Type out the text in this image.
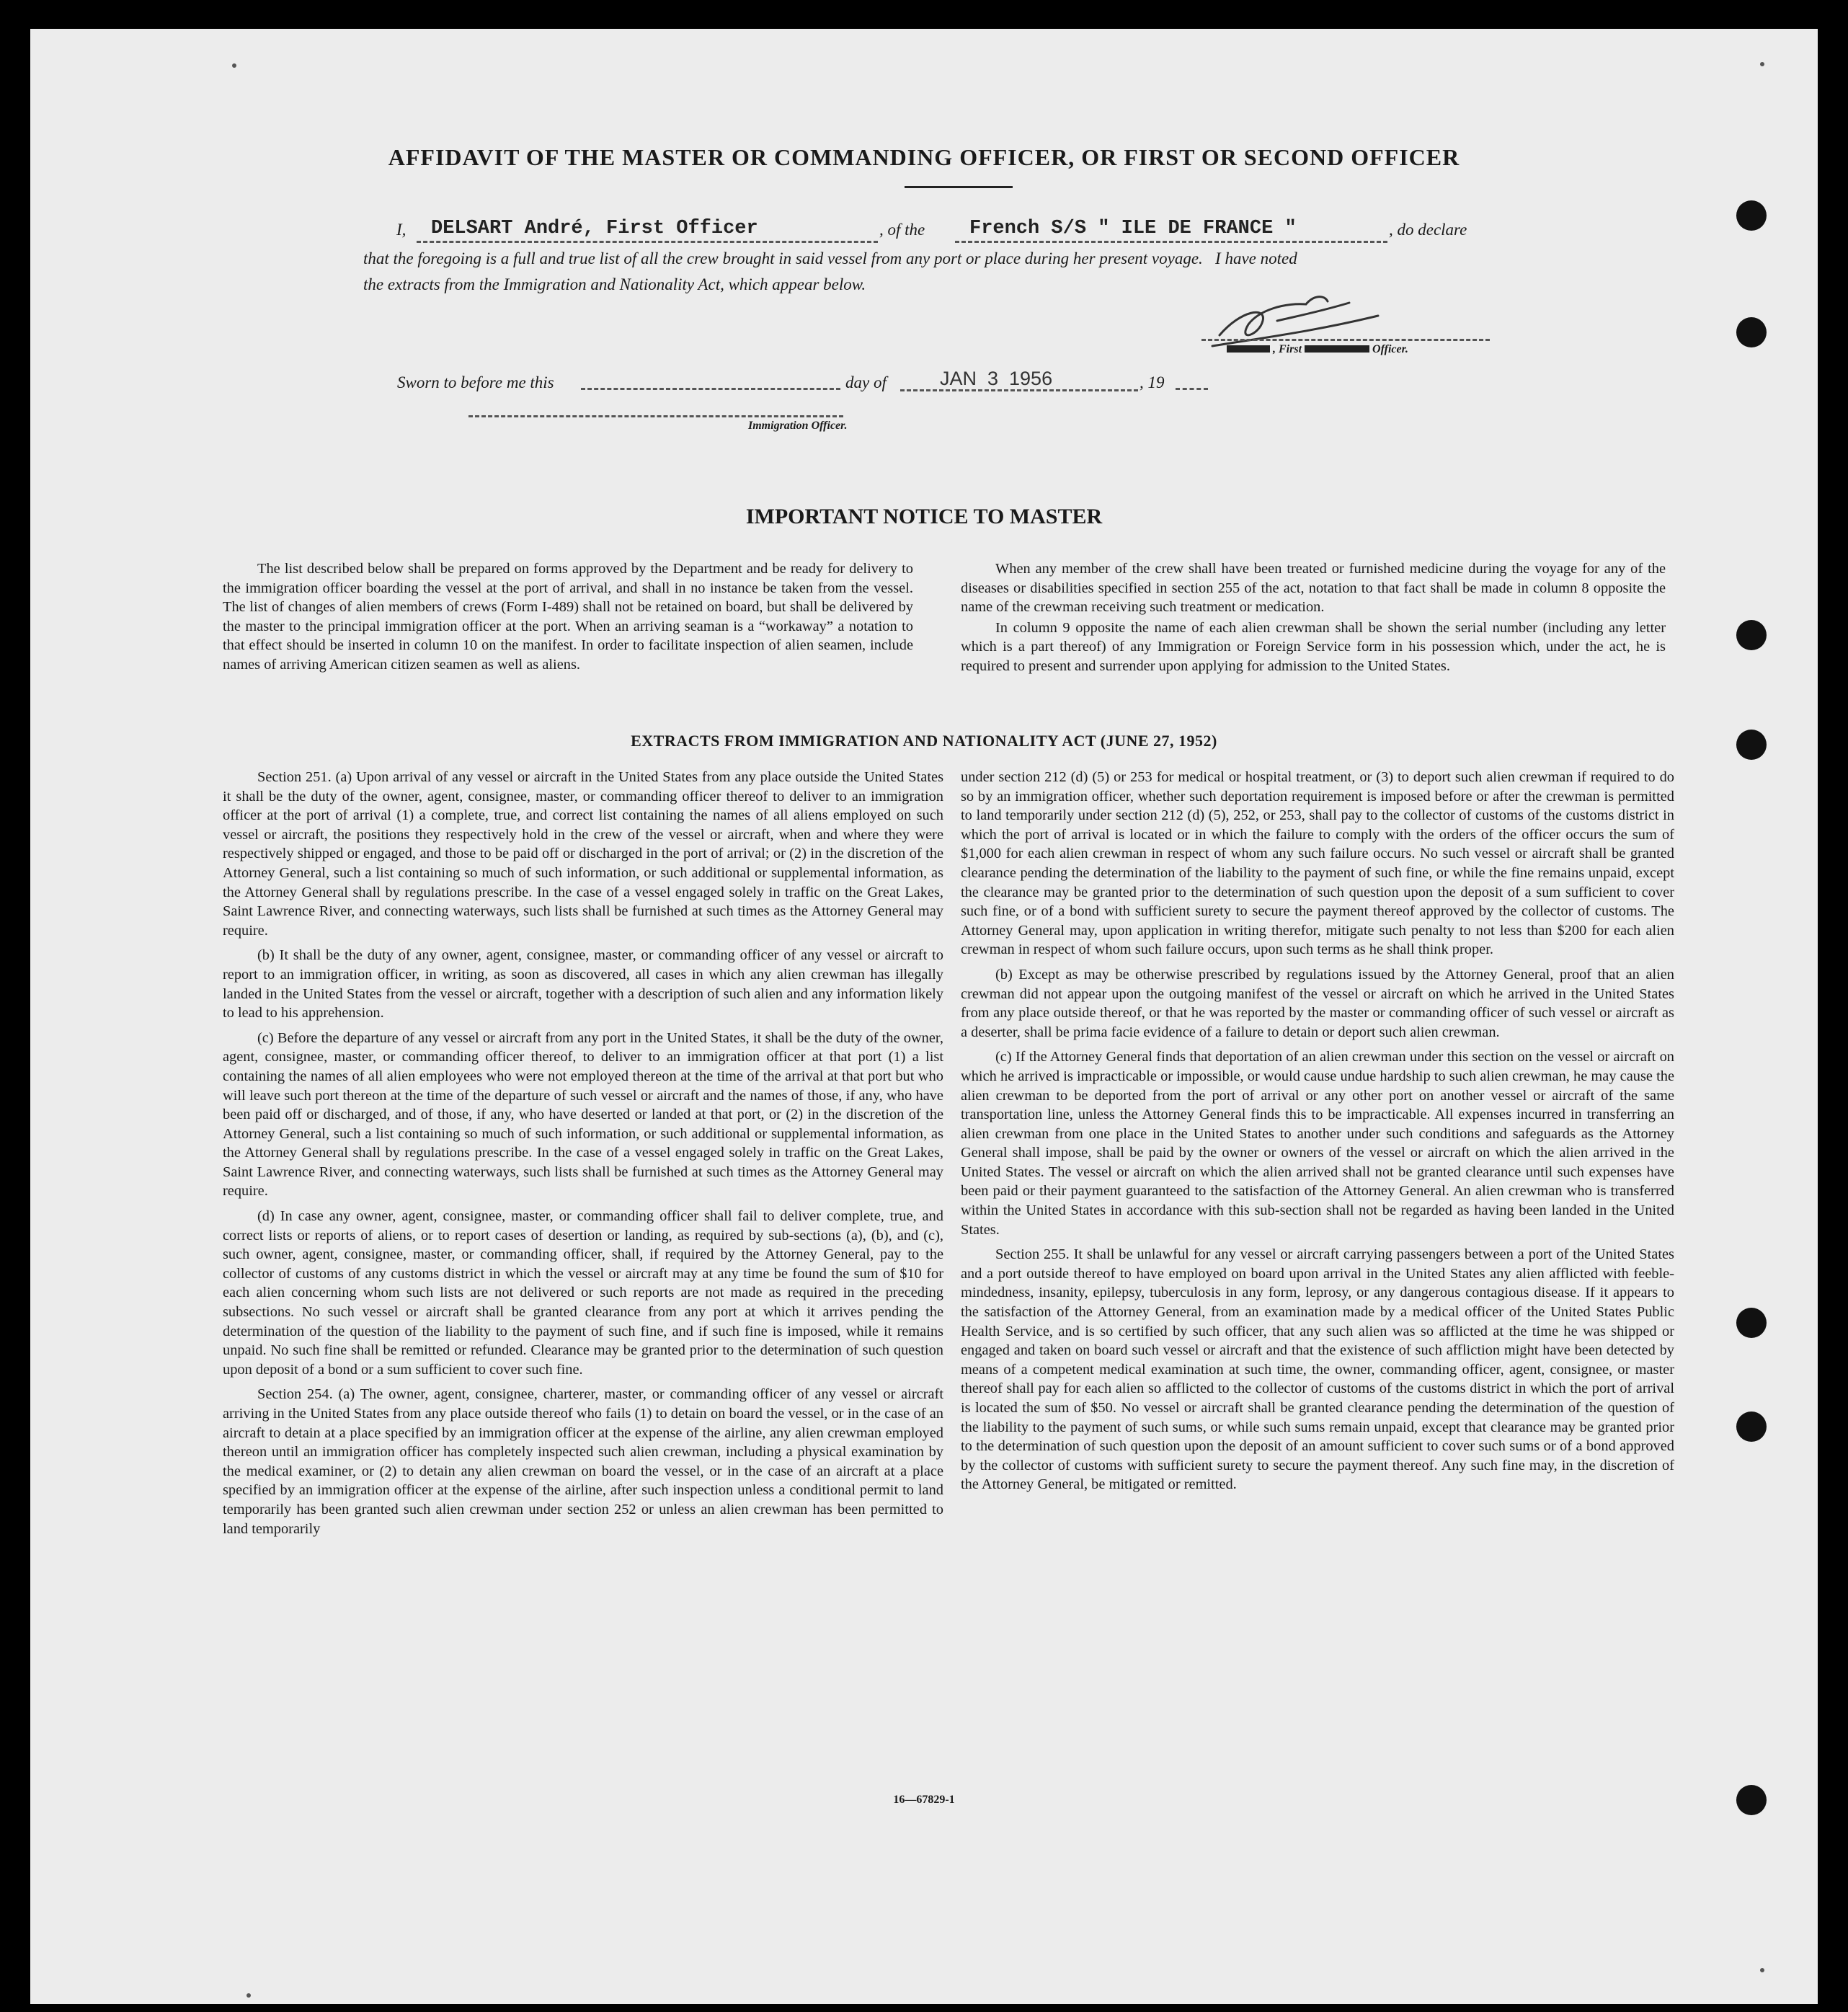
AFFIDAVIT OF THE MASTER OR COMMANDING OFFICER, OR FIRST OR SECOND OFFICER
I,	DELSART André, First Officer	, of the	French S/S " ILE DE FRANCE "	, do declare
that the foregoing is a full and true list of all the crew brought in said vessel from any port or place during her present voyage.   I have noted
the extracts from the Immigration and Nationality Act, which appear below.
, First	Officer.
Sworn to before me this	day of	JAN  3  1956	, 19
Immigration Officer.
IMPORTANT NOTICE TO MASTER

The list described below shall be prepared on forms approved by the Department and be ready for delivery to the immigration officer boarding the vessel at the port of arrival, and shall in no instance be taken from the vessel. The list of changes of alien members of crews (Form I-489) shall not be retained on board, but shall be delivered by the master to the principal immigration officer at the port. When an arriving seaman is a “workaway” a notation to that effect should be inserted in column 10 on the manifest. In order to facilitate inspection of alien seamen, include names of arriving American citizen seamen as well as aliens.

When any member of the crew shall have been treated or furnished medicine during the voyage for any of the diseases or disabilities specified in section 255 of the act, notation to that fact shall be made in column 8 opposite the name of the crewman receiving such treatment or medication.

In column 9 opposite the name of each alien crewman shall be shown the serial number (including any letter which is a part thereof) of any Immigration or Foreign Service form in his possession which, under the act, he is required to present and surrender upon applying for admission to the United States.

EXTRACTS FROM IMMIGRATION AND NATIONALITY ACT (JUNE 27, 1952)

Section 251. (a) Upon arrival of any vessel or aircraft in the United States from any place outside the United States it shall be the duty of the owner, agent, consignee, master, or commanding officer thereof to deliver to an immigration officer at the port of arrival (1) a complete, true, and correct list containing the names of all aliens employed on such vessel or aircraft, the positions they respectively hold in the crew of the vessel or aircraft, when and where they were respectively shipped or engaged, and those to be paid off or discharged in the port of arrival; or (2) in the discretion of the Attorney General, such a list containing so much of such information, or such additional or supplemental information, as the Attorney General shall by regulations prescribe. In the case of a vessel engaged solely in traffic on the Great Lakes, Saint Lawrence River, and connecting waterways, such lists shall be furnished at such times as the Attorney General may require.

(b) It shall be the duty of any owner, agent, consignee, master, or commanding officer of any vessel or aircraft to report to an immigration officer, in writing, as soon as discovered, all cases in which any alien crewman has illegally landed in the United States from the vessel or aircraft, together with a description of such alien and any information likely to lead to his apprehension.

(c) Before the departure of any vessel or aircraft from any port in the United States, it shall be the duty of the owner, agent, consignee, master, or commanding officer thereof, to deliver to an immigration officer at that port (1) a list containing the names of all alien employees who were not employed thereon at the time of the arrival at that port but who will leave such port thereon at the time of the departure of such vessel or aircraft and the names of those, if any, who have been paid off or discharged, and of those, if any, who have deserted or landed at that port, or (2) in the discretion of the Attorney General, such a list containing so much of such information, or such additional or supplemental information, as the Attorney General shall by regulations prescribe. In the case of a vessel engaged solely in traffic on the Great Lakes, Saint Lawrence River, and connecting waterways, such lists shall be furnished at such times as the Attorney General may require.

(d) In case any owner, agent, consignee, master, or commanding officer shall fail to deliver complete, true, and correct lists or reports of aliens, or to report cases of desertion or landing, as required by sub-sections (a), (b), and (c), such owner, agent, consignee, master, or commanding officer, shall, if required by the Attorney General, pay to the collector of customs of any customs district in which the vessel or aircraft may at any time be found the sum of $10 for each alien concerning whom such lists are not delivered or such reports are not made as required in the preceding subsections. No such vessel or aircraft shall be granted clearance from any port at which it arrives pending the determination of the question of the liability to the payment of such fine, and if such fine is imposed, while it remains unpaid. No such fine shall be remitted or refunded. Clearance may be granted prior to the determination of such question upon deposit of a bond or a sum sufficient to cover such fine.

Section 254. (a) The owner, agent, consignee, charterer, master, or commanding officer of any vessel or aircraft arriving in the United States from any place outside thereof who fails (1) to detain on board the vessel, or in the case of an aircraft to detain at a place specified by an immigration officer at the expense of the airline, any alien crewman employed thereon until an immigration officer has completely inspected such alien crewman, including a physical examination by the medical examiner, or (2) to detain any alien crewman on board the vessel, or in the case of an aircraft at a place specified by an immigration officer at the expense of the airline, after such inspection unless a conditional permit to land temporarily has been granted such alien crewman under section 252 or unless an alien crewman has been permitted to land temporarily

under section 212 (d) (5) or 253 for medical or hospital treatment, or (3) to deport such alien crewman if required to do so by an immigration officer, whether such deportation requirement is imposed before or after the crewman is permitted to land temporarily under section 212 (d) (5), 252, or 253, shall pay to the collector of customs of the customs district in which the port of arrival is located or in which the failure to comply with the orders of the officer occurs the sum of $1,000 for each alien crewman in respect of whom any such failure occurs. No such vessel or aircraft shall be granted clearance pending the determination of the liability to the payment of such fine, or while the fine remains unpaid, except the clearance may be granted prior to the determination of such question upon the deposit of a sum sufficient to cover such fine, or of a bond with sufficient surety to secure the payment thereof approved by the collector of customs. The Attorney General may, upon application in writing therefor, mitigate such penalty to not less than $200 for each alien crewman in respect of whom such failure occurs, upon such terms as he shall think proper.

(b) Except as may be otherwise prescribed by regulations issued by the Attorney General, proof that an alien crewman did not appear upon the outgoing manifest of the vessel or aircraft on which he arrived in the United States from any place outside thereof, or that he was reported by the master or commanding officer of such vessel or aircraft as a deserter, shall be prima facie evidence of a failure to detain or deport such alien crewman.

(c) If the Attorney General finds that deportation of an alien crewman under this section on the vessel or aircraft on which he arrived is impracticable or impossible, or would cause undue hardship to such alien crewman, he may cause the alien crewman to be deported from the port of arrival or any other port on another vessel or aircraft of the same transportation line, unless the Attorney General finds this to be impracticable. All expenses incurred in transferring an alien crewman from one place in the United States to another under such conditions and safeguards as the Attorney General shall impose, shall be paid by the owner or owners of the vessel or aircraft on which the alien arrived in the United States. The vessel or aircraft on which the alien arrived shall not be granted clearance until such expenses have been paid or their payment guaranteed to the satisfaction of the Attorney General. An alien crewman who is transferred within the United States in accordance with this sub-section shall not be regarded as having been landed in the United States.

Section 255. It shall be unlawful for any vessel or aircraft carrying passengers between a port of the United States and a port outside thereof to have employed on board upon arrival in the United States any alien afflicted with feeble-mindedness, insanity, epilepsy, tuberculosis in any form, leprosy, or any dangerous contagious disease. If it appears to the satisfaction of the Attorney General, from an examination made by a medical officer of the United States Public Health Service, and is so certified by such officer, that any such alien was so afflicted at the time he was shipped or engaged and taken on board such vessel or aircraft and that the existence of such affliction might have been detected by means of a competent medical examination at such time, the owner, commanding officer, agent, consignee, or master thereof shall pay for each alien so afflicted to the collector of customs of the customs district in which the port of arrival is located the sum of $50. No vessel or aircraft shall be granted clearance pending the determination of the question of the liability to the payment of such sums, or while such sums remain unpaid, except that clearance may be granted prior to the determination of such question upon the deposit of an amount sufficient to cover such sums or of a bond approved by the collector of customs with sufficient surety to secure the payment thereof. Any such fine may, in the discretion of the Attorney General, be mitigated or remitted.

16—67829-1
